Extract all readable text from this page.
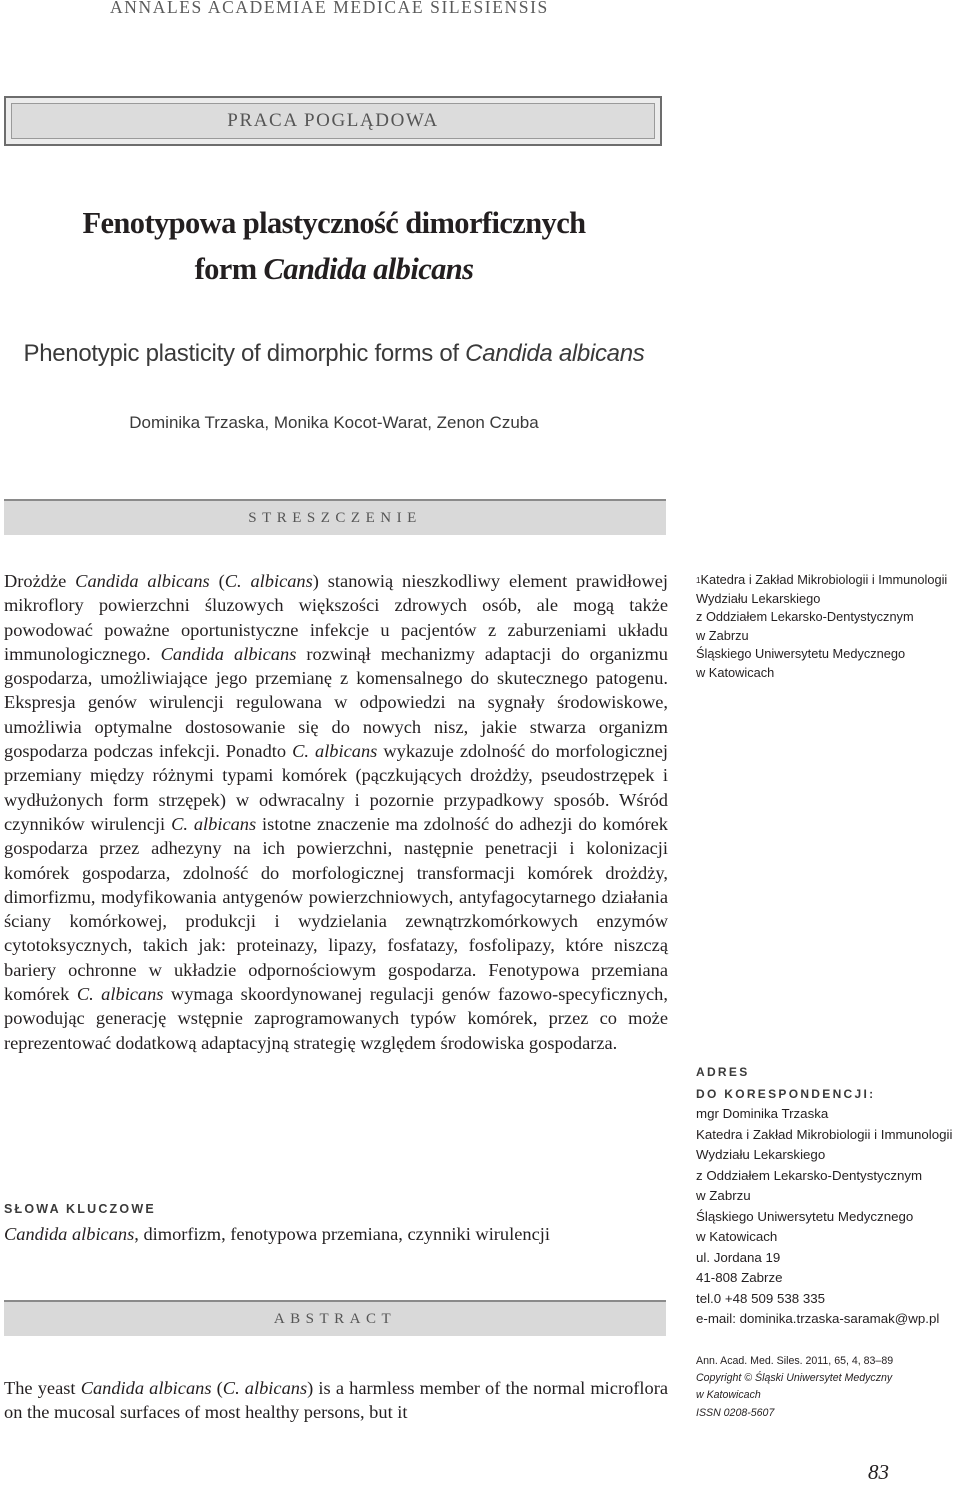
ANNALES ACADEMIAE MEDICAE SILESIENSIS
PRACA POGLĄDOWA
Fenotypowa plastyczność dimorficznych
form Candida albicans
Phenotypic plasticity of dimorphic forms of Candida albicans
Dominika Trzaska, Monika Kocot-Warat, Zenon Czuba
STRESZCZENIE

Drożdże Candida albicans (C. albicans) stanowią nieszkodliwy element prawidłowej mikroflory powierzchni śluzowych większości zdrowych osób, ale mogą także powodować poważne oportunistyczne infekcje u pacjentów z zaburzeniami układu immunologicznego. Candida albicans rozwinął mechanizmy adaptacji do organizmu gospodarza, umożliwiające jego przemianę z komensalnego do skutecznego patogenu. Ekspresja genów wirulencji regulowana w odpowiedzi na sygnały środowiskowe, umożliwia optymalne dostosowanie się do nowych nisz, jakie stwarza organizm gospodarza podczas infekcji. Ponadto C. albicans wykazuje zdolność do morfologicznej przemiany między różnymi typami komórek (pączkujących drożdży, pseudostrzępek i wydłużonych form strzępek) w odwracalny i pozornie przypadkowy sposób. Wśród czynników wirulencji C. albicans istotne znaczenie ma zdolność do adhezji do komórek gospodarza przez adhezyny na ich powierzchni, następnie penetracji i kolonizacji komórek gospodarza, zdolność do morfologicznej transformacji komórek drożdży, dimorfizmu, modyfikowania antygenów powierzchniowych, antyfagocytarnego działania ściany komórkowej, produkcji i wydzielania zewnątrzkomórkowych enzymów cytotoksycznych, takich jak: proteinazy, lipazy, fosfatazy, fosfolipazy, które niszczą bariery ochronne w układzie odpornościowym gospodarza. Fenotypowa przemiana komórek C. albicans wymaga skoordynowanej regulacji genów fazowo-specyficznych, powodując generację wstępnie zaprogramowanych typów komórek, przez co może reprezentować dodatkową adaptacyjną strategię względem środowiska gospodarza.

SŁOWA KLUCZOWE
Candida albicans, dimorfizm, fenotypowa przemiana, czynniki wirulencji
ABSTRACT

The yeast Candida albicans (C. albicans) is a harmless member of the normal microflora on the mucosal surfaces of most healthy persons, but it

$^1$Katedra i Zakład Mikrobiologii i Immunologii
Wydziału Lekarskiego
z Oddziałem Lekarsko-Dentystycznym
w Zabrzu
Śląskiego Uniwersytetu Medycznego
w Katowicach
ADRES
DO KORESPONDENCJI:
mgr Dominika Trzaska
Katedra i Zakład Mikrobiologii i Immunologii
Wydziału Lekarskiego
z Oddziałem Lekarsko-Dentystycznym
w Zabrzu
Śląskiego Uniwersytetu Medycznego
w Katowicach
ul. Jordana 19
41-808 Zabrze
tel.0 +48 509 538 335
e-mail: dominika.trzaska-saramak@wp.pl
Ann. Acad. Med. Siles. 2011, 65, 4, 83–89
Copyright © Śląski Uniwersytet Medyczny
w Katowicach
ISSN 0208-5607
83
